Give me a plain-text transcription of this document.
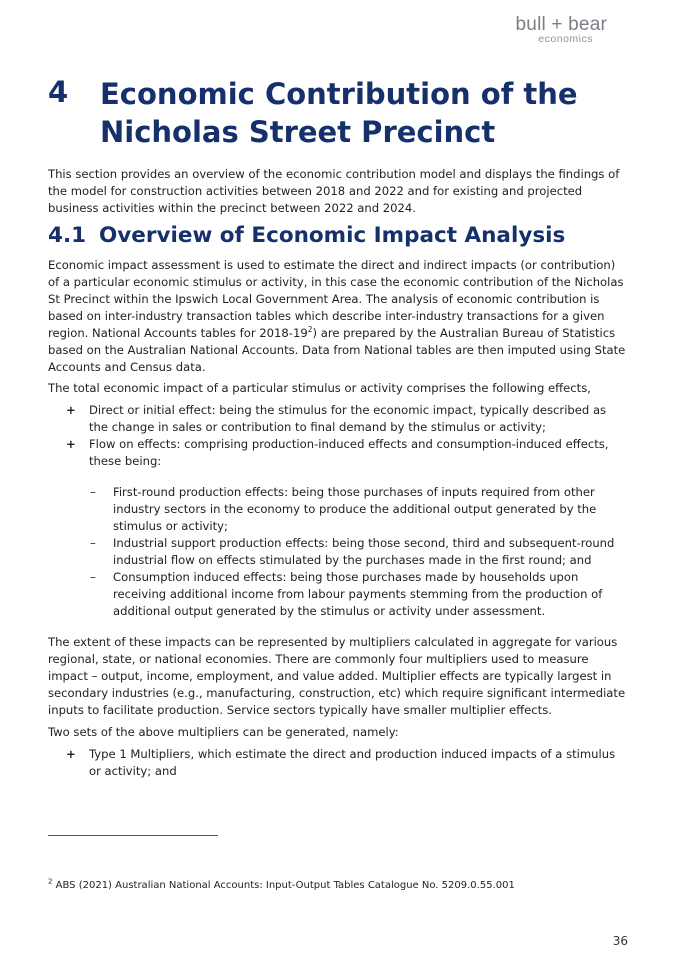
bull + bear
economics
4 Economic Contribution of the Nicholas Street Precinct
This section provides an overview of the economic contribution model and displays the findings of the model for construction activities between 2018 and 2022 and for existing and projected business activities within the precinct between 2022 and 2024.
4.1 Overview of Economic Impact Analysis
Economic impact assessment is used to estimate the direct and indirect impacts (or contribution) of a particular economic stimulus or activity, in this case the economic contribution of the Nicholas St Precinct within the Ipswich Local Government Area. The analysis of economic contribution is based on inter-industry transaction tables which describe inter-industry transactions for a given region. National Accounts tables for $2018-19^2$) are prepared by the Australian Bureau of Statistics based on the Australian National Accounts. Data from National tables are then imputed using State Accounts and Census data.
The total economic impact of a particular stimulus or activity comprises the following effects,
+ Direct or initial effect: being the stimulus for the economic impact, typically described as the change in sales or contribution to final demand by the stimulus or activity;
+ Flow on effects: comprising production-induced effects and consumption-induced effects, these being:
– First-round production effects: being those purchases of inputs required from other industry sectors in the economy to produce the additional output generated by the stimulus or activity;
– Industrial support production effects: being those second, third and subsequent-round industrial flow on effects stimulated by the purchases made in the first round; and
– Consumption induced effects: being those purchases made by households upon receiving additional income from labour payments stemming from the production of additional output generated by the stimulus or activity under assessment.
The extent of these impacts can be represented by multipliers calculated in aggregate for various regional, state, or national economies. There are commonly four multipliers used to measure impact – output, income, employment, and value added. Multiplier effects are typically largest in secondary industries (e.g., manufacturing, construction, etc) which require significant intermediate inputs to facilitate production. Service sectors typically have smaller multiplier effects.
Two sets of the above multipliers can be generated, namely:
+ Type 1 Multipliers, which estimate the direct and production induced impacts of a stimulus or activity; and
$^2$ ABS (2021) Australian National Accounts: Input-Output Tables Catalogue No. 5209.0.55.001
36
